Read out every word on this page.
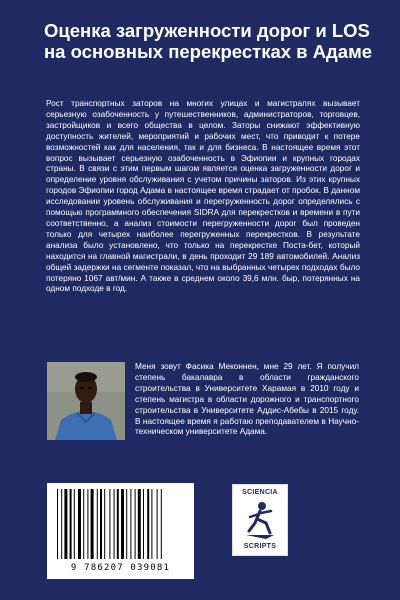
Оценка загруженности дорог и LOS на основных перекрестках в Адаме

Рост транспортных заторов на многих улицах и магистралях вызывает серьезную озабоченность у путешественников, администраторов, торговцев, застройщиков и всего общества в целом. Заторы снижают эффективную доступность жителей, мероприятий и рабочих мест, что приводит к потере возможностей как для населения, так и для бизнеса. В настоящее время этот вопрос вызывает серьезную озабоченность в Эфиопии и крупных городах страны. В связи с этим первым шагом является оценка загруженности дорог и определение уровня обслуживания с учетом причины заторов. Из этих крупных городов Эфиопии город Адама в настоящее время страдает от пробок. В данном исследовании уровень обслуживания и перегруженность дорог определялись с помощью программного обеспечения SIDRA для перекрестков и времени в пути соответственно, а анализ стоимости перегруженности дорог был проведен только для четырех наиболее перегруженных перекрестков. В результате анализа было установлено, что только на перекрестке Поста-бет, который находится на главной магистрали, в день проходит 29 189 автомобилей. Анализ общей задержки на сегменте показал, что на выбранных четырех подходах было потеряно 1067 авт/мин. А также в среднем около 39,6 млн. быр, потерянных на одном подходе в год.

Меня зовут Фасика Меконнен, мне 29 лет. Я получил степень бакалавра в области гражданского строительства в Университете Харамая в 2010 году и степень магистра в области дорожного и транспортного строительства в Университете Аддис-Абебы в 2015 году. В настоящее время я работаю преподавателем в Научно-техническом университете Адама.

SCIENCIA
SCRIPTS
9 786207 039081
